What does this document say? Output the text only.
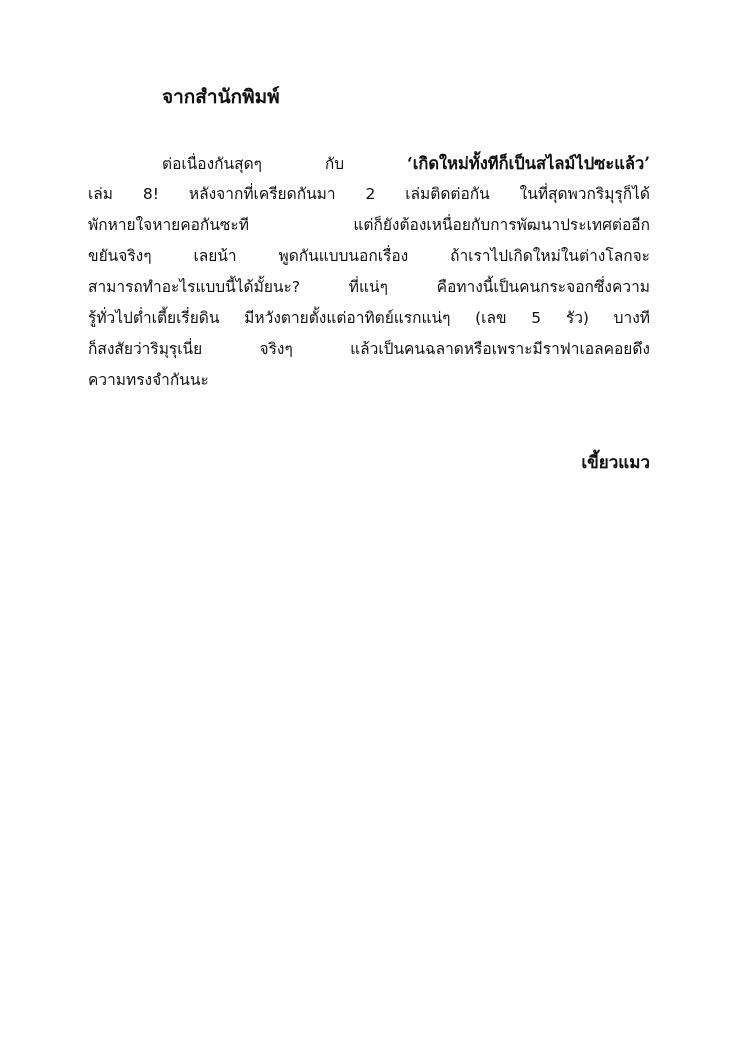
จากสำนักพิมพ์
ต่อเนื่องกันสุดๆ กับ ‘เกิดใหม่ทั้งทีก็เป็นสไลม์ไปซะแล้ว’
เล่ม 8! หลังจากที่เครียดกันมา 2 เล่มติดต่อกัน ในที่สุดพวกริมุรุก็ได้
พักหายใจหายคอกันซะที แต่ก็ยังต้องเหนื่อยกับการพัฒนาประเทศต่ออีก
ขยันจริงๆ เลยน้า พูดกันแบบนอกเรื่อง ถ้าเราไปเกิดใหม่ในต่างโลกจะ
สามารถทำอะไรแบบนี้ได้มั้ยนะ? ที่แน่ๆ คือทางนี้เป็นคนกระจอกซึ่งความ
รู้ทั่วไปต่ำเตี้ยเรี่ยดิน มีหวังตายตั้งแต่อาทิตย์แรกแน่ๆ (เลข 5 รัว) บางที
ก็สงสัยว่าริมุรุเนี่ย จริงๆ แล้วเป็นคนฉลาดหรือเพราะมีราฟาเอลคอยดึง
ความทรงจำกันนะ
เขี้ยวแมว
